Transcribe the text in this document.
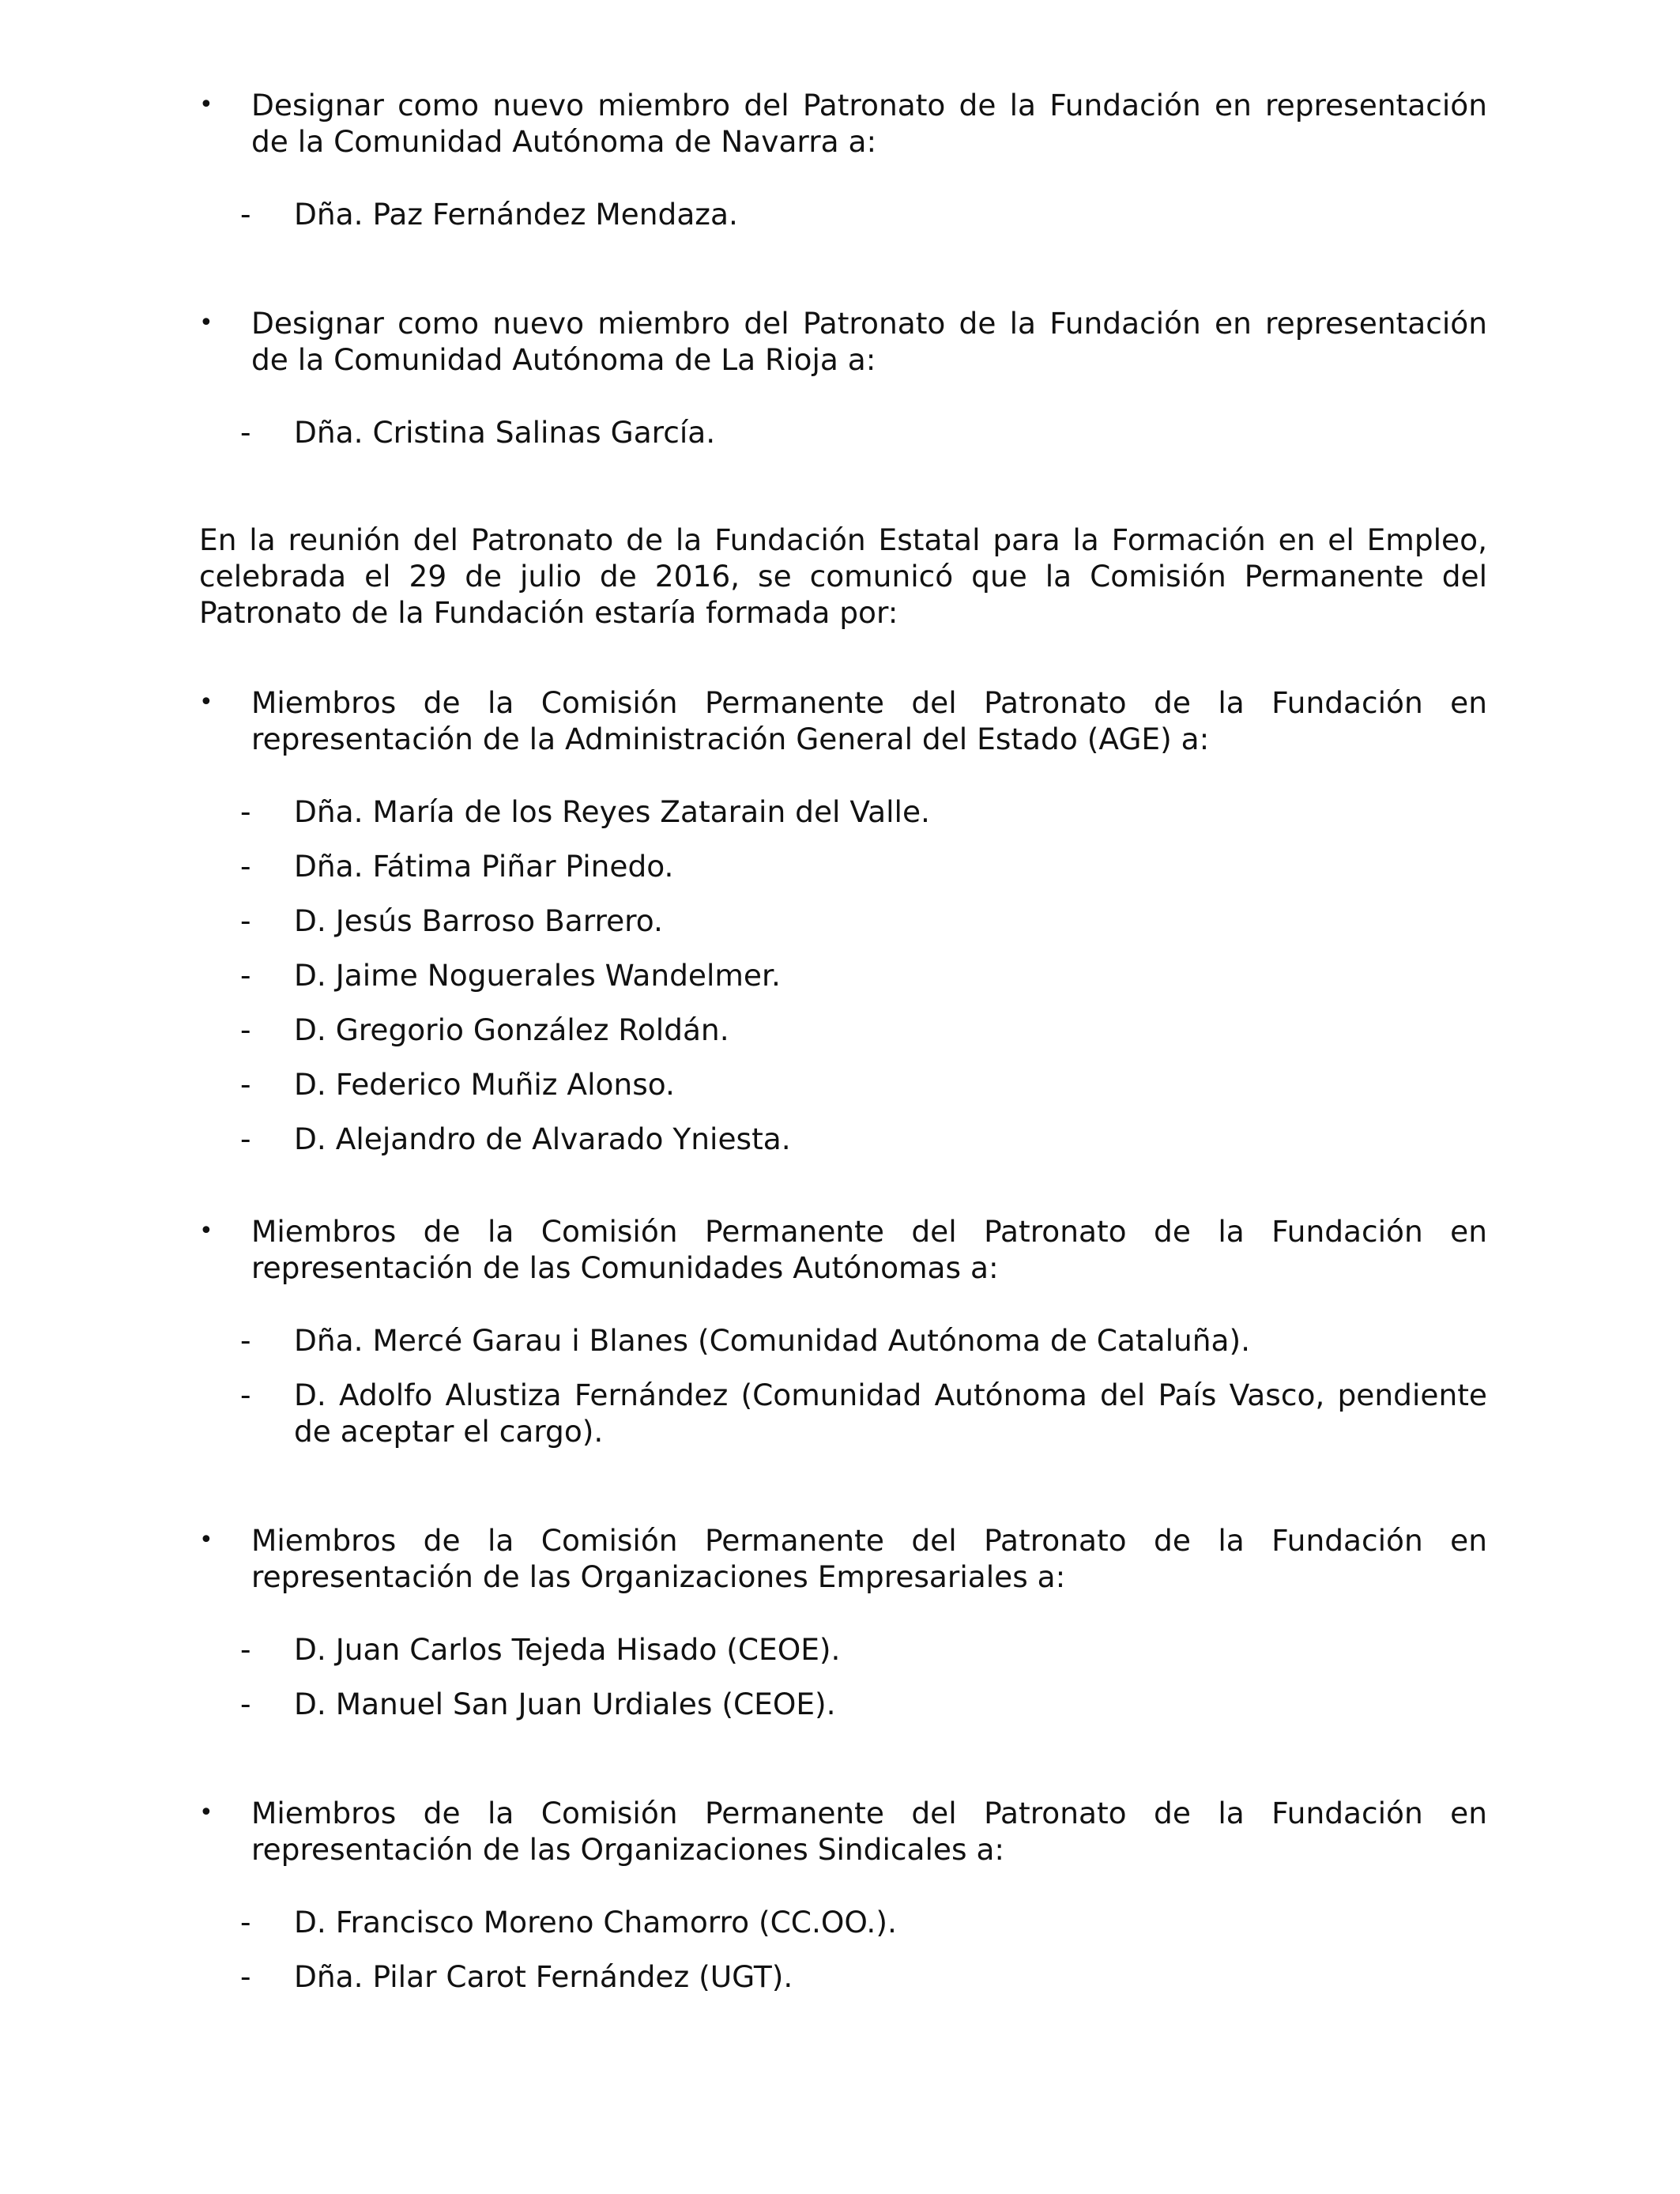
•	Designar como nuevo miembro del Patronato de la Fundación en representación de la Comunidad Autónoma de Navarra a:

-	Dña. Paz Fernández Mendaza.

•	Designar como nuevo miembro del Patronato de la Fundación en representación de la Comunidad Autónoma de La Rioja a:

-	Dña. Cristina Salinas García.

En la reunión del Patronato de la Fundación Estatal para la Formación en el Empleo, celebrada el 29 de julio de 2016, se comunicó que la Comisión Permanente del Patronato de la Fundación estaría formada por:

•	Miembros de la Comisión Permanente del Patronato de la Fundación en representación de la Administración General del Estado (AGE) a:

-	Dña. María de los Reyes Zatarain del Valle.

-	Dña. Fátima Piñar Pinedo.

-	D. Jesús Barroso Barrero.

-	D. Jaime Noguerales Wandelmer.

-	D. Gregorio González Roldán.

-	D. Federico Muñiz Alonso.

-	D. Alejandro de Alvarado Yniesta.

•	Miembros de la Comisión Permanente del Patronato de la Fundación en representación de las Comunidades Autónomas a:

-	Dña. Mercé Garau i Blanes (Comunidad Autónoma de Cataluña).

-	D. Adolfo Alustiza Fernández (Comunidad Autónoma del País Vasco, pendiente de aceptar el cargo).

•	Miembros de la Comisión Permanente del Patronato de la Fundación en representación de las Organizaciones Empresariales a:

-	D. Juan Carlos Tejeda Hisado (CEOE).

-	D. Manuel San Juan Urdiales (CEOE).

•	Miembros de la Comisión Permanente del Patronato de la Fundación en representación de las Organizaciones Sindicales a:

-	D. Francisco Moreno Chamorro (CC.OO.).

-	Dña. Pilar Carot Fernández (UGT).
